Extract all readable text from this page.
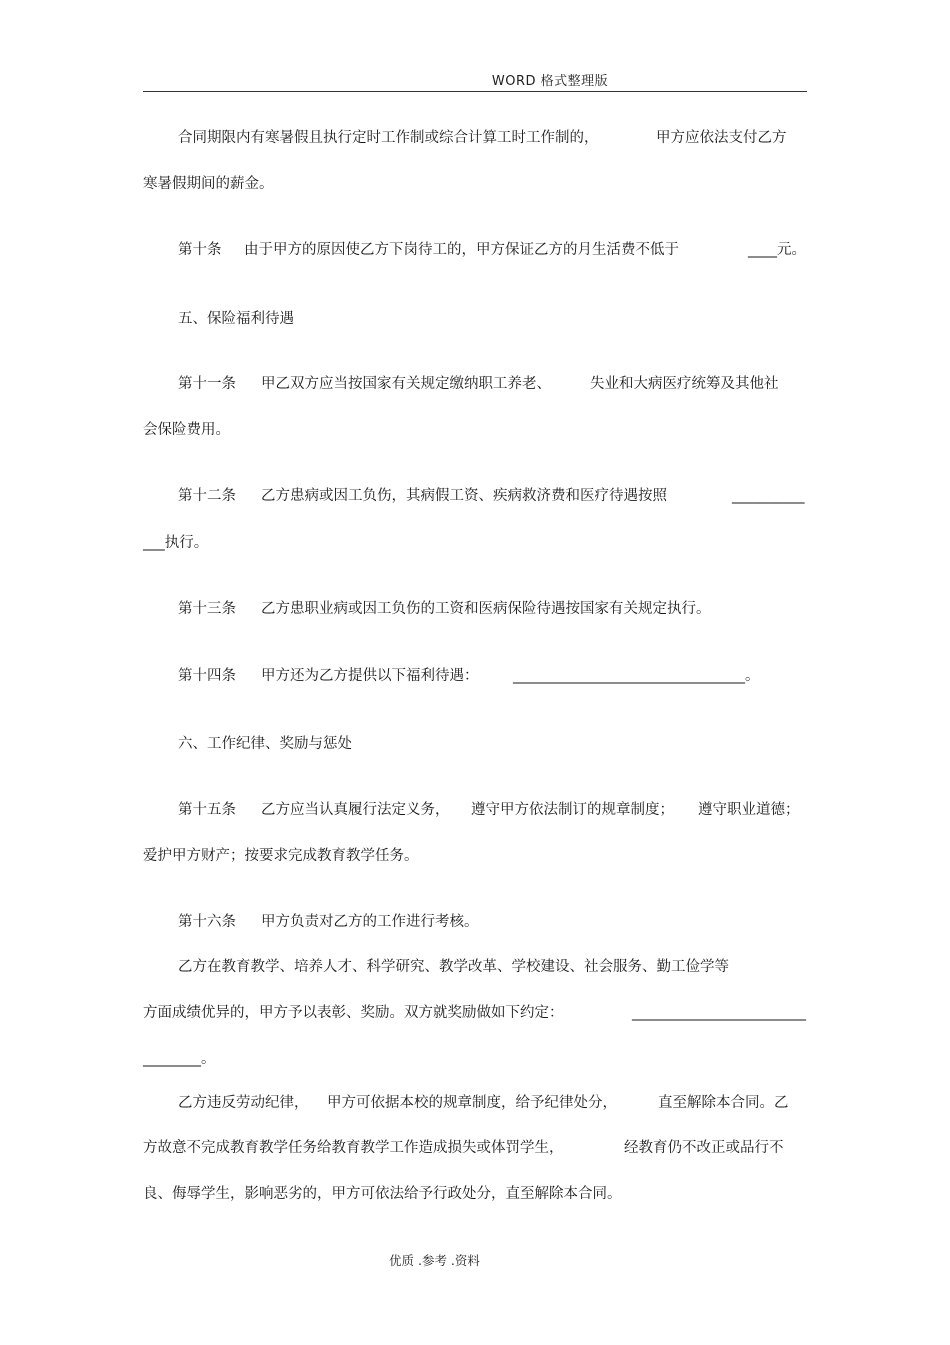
WORD 格式整理版
合同期限内有寒暑假且执行定时工作制或综合计算工时工作制的，	甲方应依法支付乙方
寒暑假期间的薪金。
第十条 由于甲方的原因使乙方下岗待工的，甲方保证乙方的月生活费不低于	____元。
五、保险福利待遇
第十一条 甲乙双方应当按国家有关规定缴纳职工养老、	失业和大病医疗统筹及其他社
会保险费用。
第十二条 乙方患病或因工负伤，其病假工资、疾病救济费和医疗待遇按照	__________
___执行。
第十三条 乙方患职业病或因工负伤的工资和医病保险待遇按国家有关规定执行。
第十四条 甲方还为乙方提供以下福利待遇： ________________________________。
六、工作纪律、奖励与惩处
第十五条 乙方应当认真履行法定义务， 遵守甲方依法制订的规章制度； 遵守职业道德；
爱护甲方财产；按要求完成教育教学任务。
第十六条 甲方负责对乙方的工作进行考核。
乙方在教育教学、培养人才、科学研究、教学改革、学校建设、社会服务、勤工俭学等
方面成绩优异的，甲方予以表彰、奖励。双方就奖励做如下约定：	________________________
________。
乙方违反劳动纪律， 甲方可依据本校的规章制度，给予纪律处分，	直至解除本合同。乙
方故意不完成教育教学任务给教育教学工作造成损失或体罚学生，	经教育仍不改正或品行不
良、侮辱学生，影响恶劣的，甲方可依法给予行政处分，直至解除本合同。
优质 .参考 .资料
